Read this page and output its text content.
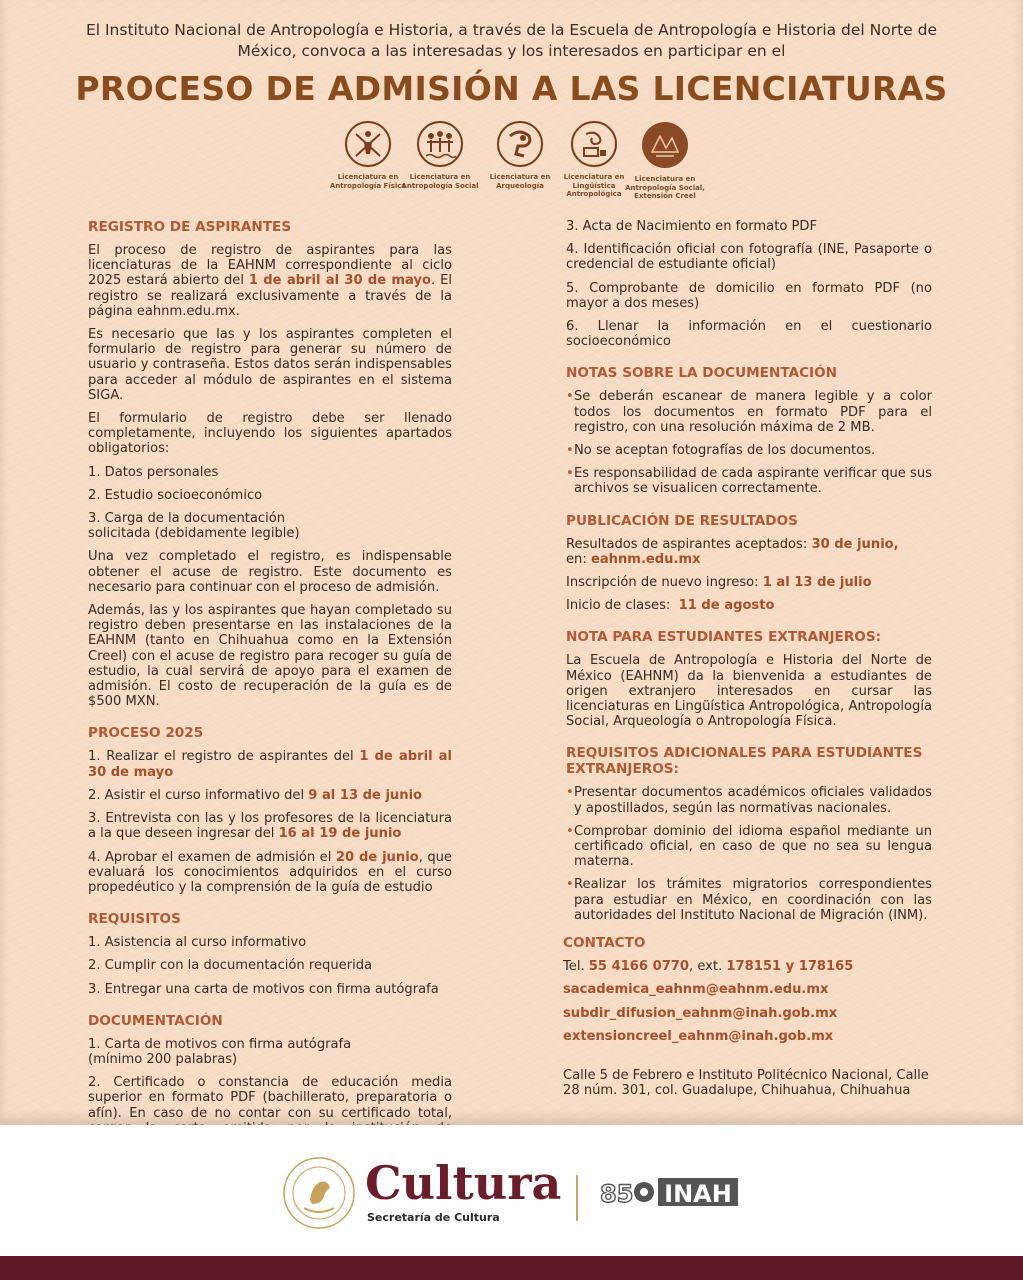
El Instituto Nacional de Antropología e Historia, a través de la Escuela de Antropología e Historia del Norte de México, convoca a las interesadas y los interesados en participar en el
PROCESO DE ADMISIÓN A LAS LICENCIATURAS
Licenciatura en Antropología Física
Licenciatura en Antropología Social
Licenciatura en Arqueología
Licenciatura en Lingüística Antropológica
Licenciatura en Antropología Social, Extensión Creel
REGISTRO DE ASPIRANTES

El proceso de registro de aspirantes para las licenciaturas de la EAHNM correspondiente al ciclo 2025 estará abierto del 1 de abril al 30 de mayo. El registro se realizará exclusivamente a través de la página eahnm.edu.mx.

Es necesario que las y los aspirantes completen el formulario de registro para generar su número de usuario y contraseña. Estos datos serán indispensables para acceder al módulo de aspirantes en el sistema SIGA.

El formulario de registro debe ser llenado completamente, incluyendo los siguientes apartados obligatorios:

1. Datos personales

2. Estudio socioeconómico

3. Carga de la documentación solicitada (debidamente legible)

Una vez completado el registro, es indispensable obtener el acuse de registro. Este documento es necesario para continuar con el proceso de admisión.

Además, las y los aspirantes que hayan completado su registro deben presentarse en las instalaciones de la EAHNM (tanto en Chihuahua como en la Extensión Creel) con el acuse de registro para recoger su guía de estudio, la cual servirá de apoyo para el examen de admisión. El costo de recuperación de la guía es de $500 MXN.

PROCESO 2025

1. Realizar el registro de aspirantes del 1 de abril al 30 de mayo

2. Asistir el curso informativo del 9 al 13 de junio

3. Entrevista con las y los profesores de la licenciatura a la que deseen ingresar del 16 al 19 de junio

4. Aprobar el examen de admisión el 20 de junio, que evaluará los conocimientos adquiridos en el curso propedéutico y la comprensión de la guía de estudio

REQUISITOS

1. Asistencia al curso informativo

2. Cumplir con la documentación requerida

3. Entregar una carta de motivos con firma autógrafa

DOCUMENTACIÓN

1. Carta de motivos con firma autógrafa (mínimo 200 palabras)

2. Certificado o constancia de educación media superior en formato PDF (bachillerato, preparatoria o afín). En caso de no contar con su certificado total,

3. Acta de Nacimiento en formato PDF

4. Identificación oficial con fotografía (INE, Pasaporte o credencial de estudiante oficial)

5. Comprobante de domicilio en formato PDF (no mayor a dos meses)

6. Llenar la información en el cuestionario socioeconómico

NOTAS SOBRE LA DOCUMENTACIÓN
• Se deberán escanear de manera legible y a color todos los documentos en formato PDF para el registro, con una resolución máxima de 2 MB.
• No se aceptan fotografías de los documentos.
• Es responsabilidad de cada aspirante verificar que sus archivos se visualicen correctamente.
PUBLICACIÓN DE RESULTADOS

Resultados de aspirantes aceptados: 30 de junio,
en: eahnm.edu.mx

Inscripción de nuevo ingreso: 1 al 13 de julio

Inicio de clases:  11 de agosto

NOTA PARA ESTUDIANTES EXTRANJEROS:

La Escuela de Antropología e Historia del Norte de México (EAHNM) da la bienvenida a estudiantes de origen extranjero interesados en cursar las licenciaturas en Lingüística Antropológica, Antropología Social, Arqueología o Antropología Física.

REQUISITOS ADICIONALES PARA ESTUDIANTES EXTRANJEROS:
• Presentar documentos académicos oficiales validados y apostillados, según las normativas nacionales.
• Comprobar dominio del idioma español mediante un certificado oficial, en caso de que no sea su lengua materna.
• Realizar los trámites migratorios correspondientes para estudiar en México, en coordinación con las autoridades del Instituto Nacional de Migración (INM).
CONTACTO
Tel. 55 4166 0770, ext. 178151 y 178165
sacademica_eahnm@eahnm.edu.mx
subdir_difusion_eahnm@inah.gob.mx
extensioncreel_eahnm@inah.gob.mx
Calle 5 de Febrero e Instituto Politécnico Nacional, Calle 28 núm. 301, col. Guadalupe, Chihuahua, Chihuahua
Cultura
Secretaría de Cultura
85 INAH
